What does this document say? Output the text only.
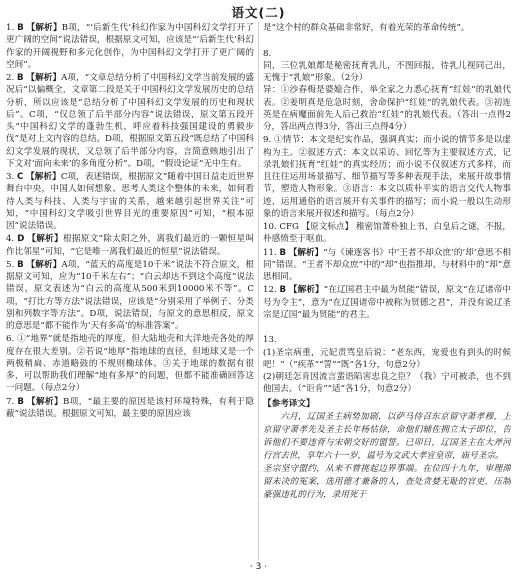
语文(二)
1. B 【解析】B项，“‘后新生代’科幻作家为中国科幻文学打开了更广阔的空间”说法错误，根据原文可知，应该是“‘后新生代’科幻作家的开阔视野和多元化创作，为中国科幻文学打开了更广阔的空间”。
2. B 【解析】A项，“文章总结分析了中国科幻文学当前发展的盛况后”以偏概全，文章第二段是关于中国科幻文学发展历史的总结分析，所以应该是“总结分析了中国科幻文学发展的历史和现状后”。C项，“仅总领了后半部分内容”说法错误，原文第五段开头“中国科幻文学的蓬勃生机，呼应着科技强国建设的勇毅步伐”是对上文内容的总结。D项，根据原文第五段“既总结了中国科幻文学发展的现状，又总领了后半部分内容，言简意赅地引出了下文对‘面向未来’的多角度分析”。D项，“假设论证”无中生有。
3. C 【解析】C项，表述错误，根据原文“随着中国日益走近世界舞台中央，中国人如何想象、思考人类这个整体的未来，如何看待人类与科技、人类与宇宙的关系，越来越引起世界关注”可知，“中国科幻文学吸引世界目光的重要原因”可知，“根本原因”说法错误。
4. D 【解析】根据原文“除太阳之外，离我们最近的一颗恒星叫作比邻星”可知，“它是唯一离我们最近的恒星”说法错误。
5. B 【解析】A项，“蓝天的高度是10千米”说法不符合原文，根据原文可知，应为“10千米左右”；“白云却达不到这个高度”说法错误，原文表述为“白云的高度从500米到10000米不等”。C项，“打比方等方法”说法错误，应该是“分别采用了举例子、分类别和列数字等方法”。D项，说法错误，与原文的意思相反，原文的意思是“都不能作为‘天有多高’的标准答案”。
6. ①“地界”就是指地壳的厚度，但大陆地壳和大洋地壳各处的厚度存在很大差别。②若说“地厚”指地球的直径，但地球又是一个两极稍扁、赤道略鼓的不规则椭球体。③关于地球的数据有很多，可以帮助我们理解“地有多厚”的问题，但都不能准确回答这一问题。（每点2分）
7. B 【解析】B项，“最主要的原因是该村环境特殊，有利于隐蔽”说法错误。根据原文可知，最主要的原因应该
是“这个村的群众基础非常好，有着光荣的革命传统”。

8.
同，三位乳娘都是秘密抚育乳儿，不图回报，待乳儿视同己出，无愧于“乳娘”形象。（2分）
异：①沙春梅是婆媳合作，举全家之力悉心抚育“红娃”的乳娘代表。②姜明真是危急时刻，舍命保护“红娃”的乳娘代表。③初连英是在病魔面前先人后己救治“红娃”的乳娘代表。（答出一点得2分，答出两点得3分，答出三点得4分）

9. ①情节：本文是纪实作品，强调真实；而小说的情节多是以虚构为主。②叙述方式：本文以采访、回忆等为主要叙述方式，记录乳娘们抚育“红娃”的真实经历；而小说不仅叙述方式多样，而且往往运用场景描写、细节描写等多种表现手法，来展开故事情节，塑造人物形象。③语言：本文以质朴平实的语言交代人物事迹，运用通俗的语言展开有关事件的描写；而小说一般以生动形象的语言来展开叙述和描写。（每点2分）
10. CFG 【原文标点】 稚密馆萧朴独上书，白皇后之谜，不报，朴感愤至于呕血。
11. B 【解析】“与《谏逐客书》中‘王者不却众庶’的‘却’意思不相同”错误。“王者不却众庶”中的“却”也指推却，与材料中的“却”意思相同。
12. B 【解析】“在辽国君主中最为贤能”错误，原文“在辽诸帝中号为令主”，意为“在辽国诸帝中被称为贤德之君”，并没有说辽圣宗是辽国“最为贤能”的君主。

13.
(1)圣宗病重，元妃责骂皇后说：“老东西，宠爱也有到头的时候吧！”（“疾革”“詈”“既”各1分，句意2分）
(2)朝廷怎肯因流言蜚语陷害忠良之臣？（我）宁可被杀，也不到他国去。（“讵肯”“适”各1分，句意2分）

【参考译文】
六月，辽国圣主病势加剧，以萨马侍召东京留守萧孝穆，上京留守萧孝先及圣主长年杨怙徐，命他们辅佐拥立太子即位，告诉他们不要违背与宋朝交好的盟誓。已卯日，辽国圣主在大斧河行宫去世，享年六十一岁，谥号为文武大孝宣皇帝，庙号圣宗。
圣宗坚守盟约，从来不曾挑起边界事端。在位四十九年，审理滞留未决的冤案，选用德才兼备的人，查处贪婪无耻的官吏，压制豪强违礼的行为，录用死于
· 3 ·
